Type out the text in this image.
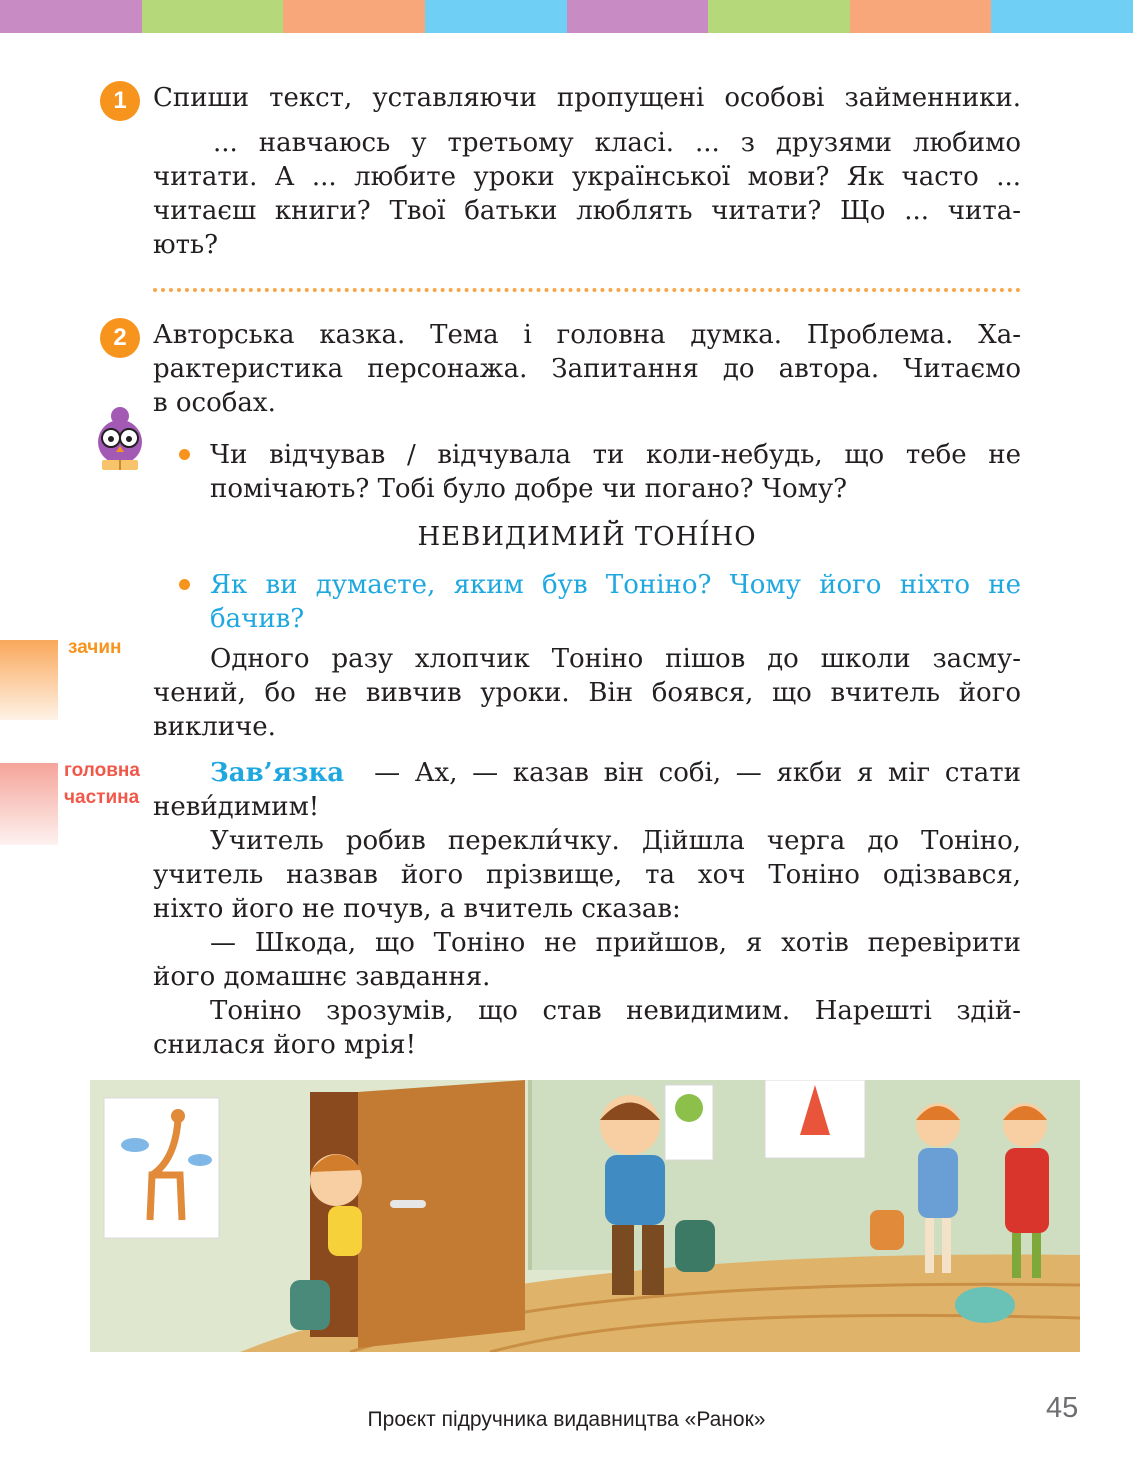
1	Спиши текст, уставляючи пропущені особові займенники.
... навчаюсь у третьому класі. ... з друзями любимо
читати. А ... любите уроки української мови? Як часто ...
читаєш книги? Твої батьки люблять читати? Що ... чита-
ють?
2	Авторська казка. Тема і головна думка. Проблема. Ха-
рактеристика персонажа. Запитання до автора. Читаємо
в особах.
Чи відчував / відчувала ти коли-небудь, що тебе не
помічають? Тобі було добре чи погано? Чому?
НЕВИДИМИЙ ТОНІ́НО
Як ви думаєте, яким був Тоніно? Чому його ніхто не
бачив?
зачин	Одного разу хлопчик Тоніно пішов до школи засму-
чений, бо не вивчив уроки. Він боявся, що вчитель його
викличе.
головна
частина
Зав’язка — Ах, — казав він собі, — якби я міг стати
неви́димим!
Учитель робив перекли́чку. Дійшла черга до Тоніно,
учитель назвав його прізвище, та хоч Тоніно одізвався,
ніхто його не почув, а вчитель сказав:
— Шкода, що Тоніно не прийшов, я хотів перевірити
його домашнє завдання.
Тоніно зрозумів, що став невидимим. Нарешті здій-
снилася його мрія!
Проєкт підручника видавництва «Ранок»	45
